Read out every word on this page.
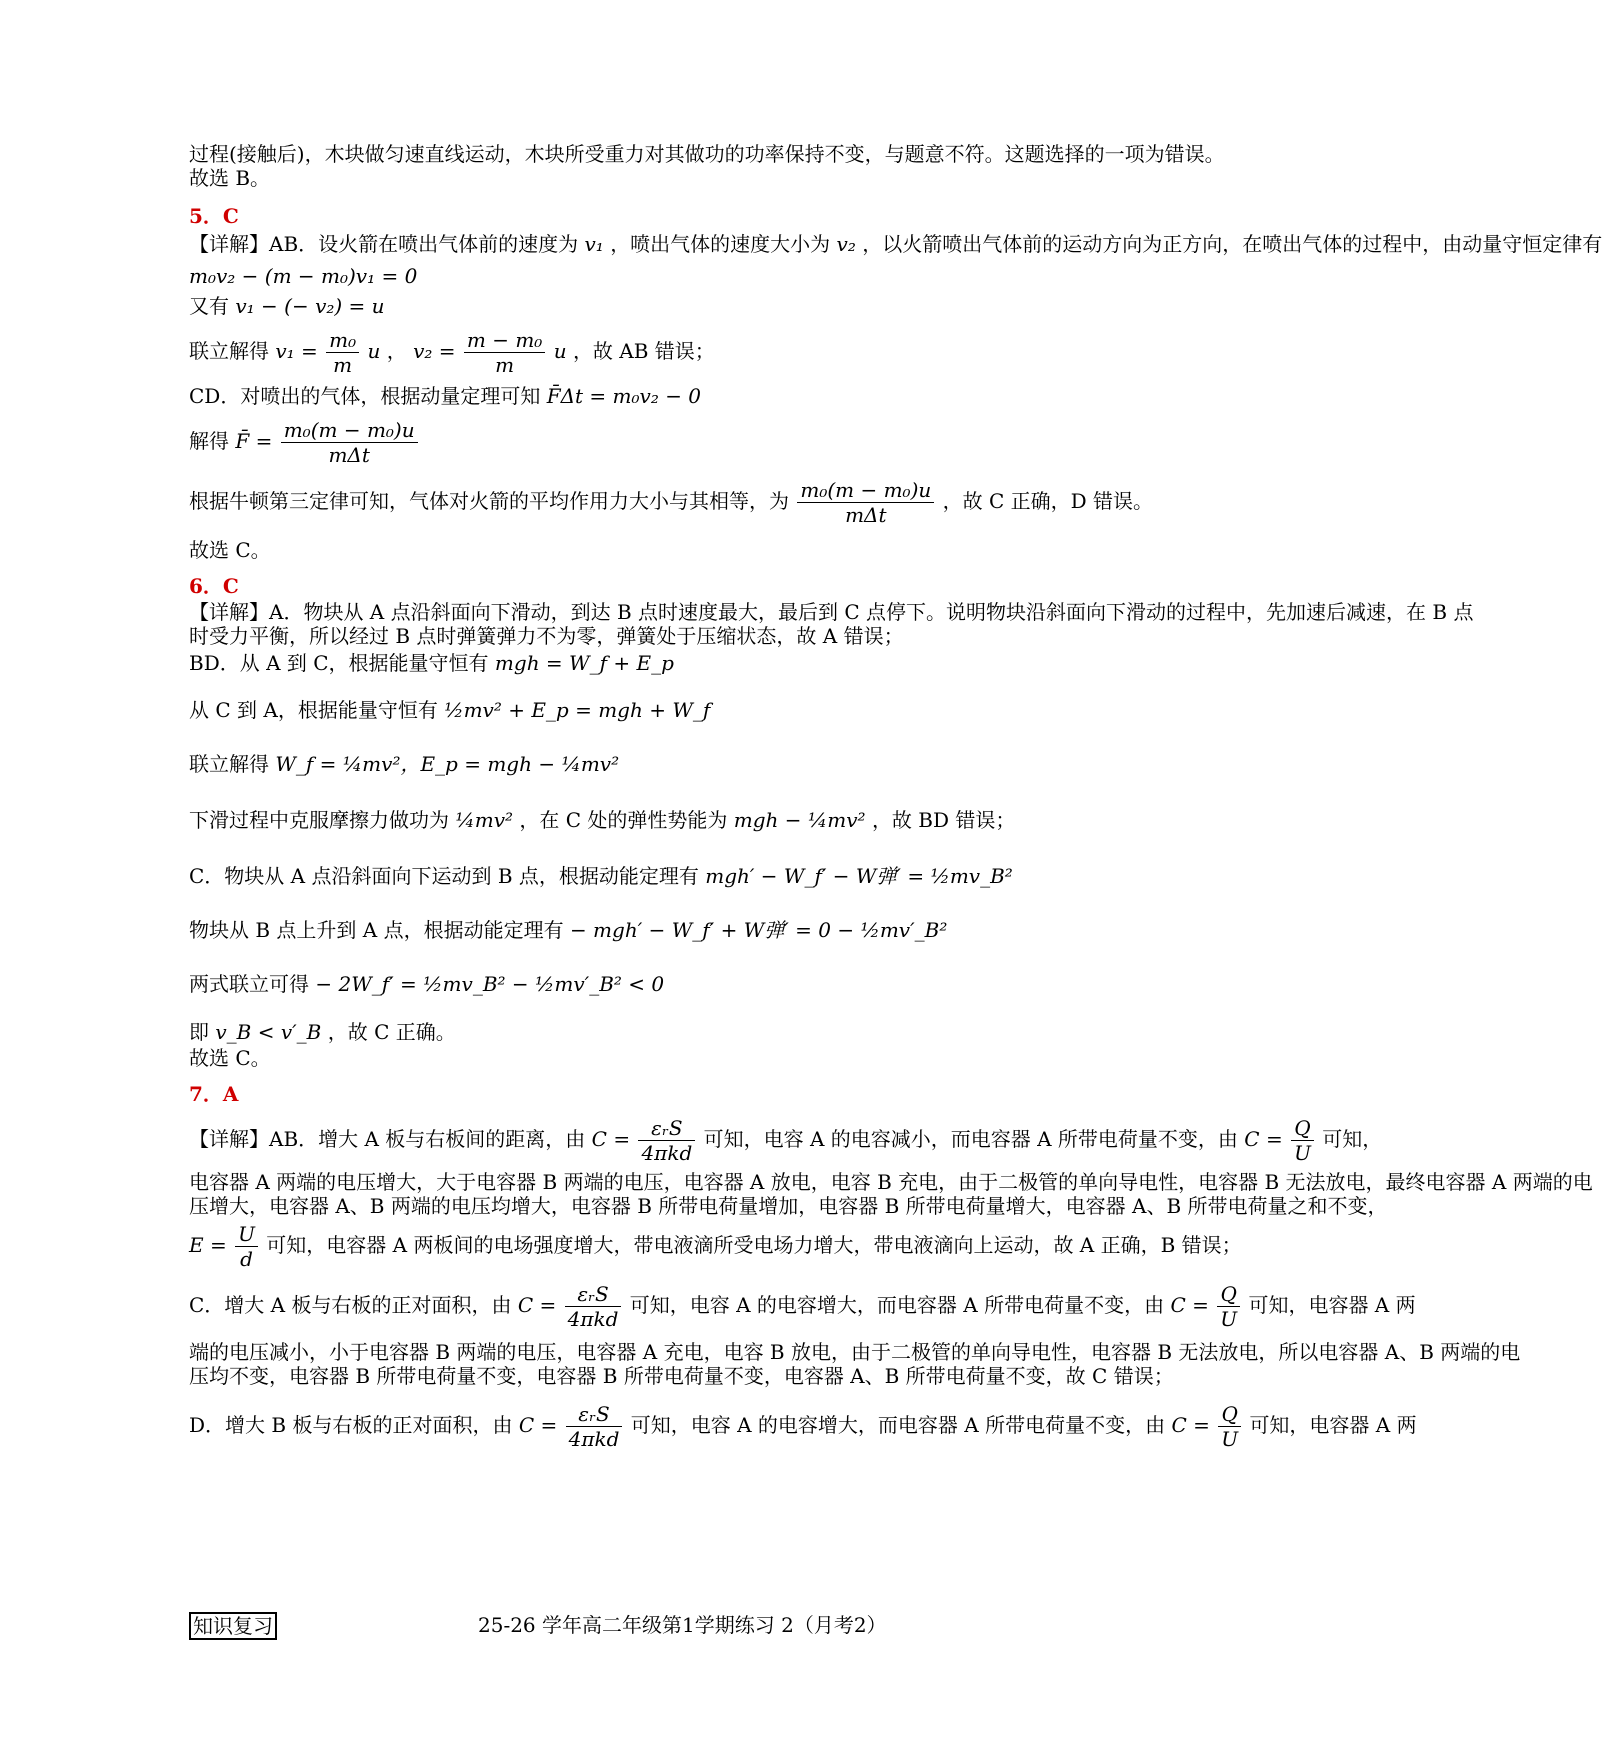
过程(接触后)，木块做匀速直线运动，木块所受重力对其做功的功率保持不变，与题意不符。这题选择的一项为错误。
故选 B。
5．C
【详解】AB．设火箭在喷出气体前的速度为 v₁ ，喷出气体的速度大小为 v₂ ，以火箭喷出气体前的运动方向为正方向，在喷出气体的过程中，由动量守恒定律有
m₀v₂ − (m − m₀)v₁ = 0
又有 v₁ − (− v₂) = u
联立解得 $v_1 = \frac{\text{m₀}}{m}$ u ， $v_2 = \frac{\text{m − m₀}}{m}$ u ，故 AB 错误；
CD．对喷出的气体，根据动量定理可知 F̄Δt = m₀v₂ − 0
解得 F̄ = $\frac{\text{m₀(m − m₀)u}}{\text{mΔt}}$
根据牛顿第三定律可知，气体对火箭的平均作用力大小与其相等，为 $\frac{\text{m₀(m − m₀)u}}{\text{mΔt}}$ ，故 C 正确，D 错误。
故选 C。
6．C
【详解】A．物块从 A 点沿斜面向下滑动，到达 B 点时速度最大，最后到 C 点停下。说明物块沿斜面向下滑动的过程中，先加速后减速，在 B 点
时受力平衡，所以经过 B 点时弹簧弹力不为零，弹簧处于压缩状态，故 A 错误；
BD．从 A 到 C，根据能量守恒有 mgh = W_f + E_p
从 C 到 A，根据能量守恒有 ½mv² + E_p = mgh + W_f
联立解得 W_f = ¼mv²，E_p = mgh − ¼mv²
下滑过程中克服摩擦力做功为 ¼mv² ，在 C 处的弹性势能为 mgh − ¼mv² ，故 BD 错误；
C．物块从 A 点沿斜面向下运动到 B 点，根据动能定理有 mgh′ − W_f′ − W弹′ = ½mv_B²
物块从 B 点上升到 A 点，根据动能定理有 − mgh′ − W_f′ + W弹′ = 0 − ½mv′_B²
两式联立可得 − 2W_f′ = ½mv_B² − ½mv′_B² < 0
即 v_B < v′_B ，故 C 正确。
故选 C。
7．A
【详解】AB．增大 A 板与右板间的距离，由 $C = \frac{\text{εᵣS}}{\text{4πkd}}$ 可知，电容 A 的电容减小，而电容器 A 所带电荷量不变，由 $C = \frac{Q}{U}$ 可知，
电容器 A 两端的电压增大，大于电容器 B 两端的电压，电容器 A 放电，电容 B 充电，由于二极管的单向导电性，电容器 B 无法放电，最终电容器 A 两端的电
压增大，电容器 A、B 两端的电压均增大，电容器 B 所带电荷量增加，电容器 B 所带电荷量增大，电容器 A、B 所带电荷量之和不变，
$E = \frac{U}{d}$ 可知，电容器 A 两板间的电场强度增大，带电液滴所受电场力增大，带电液滴向上运动，故 A 正确，B 错误；
C．增大 A 板与右板的正对面积，由 $C = \frac{\text{εᵣS}}{\text{4πkd}}$ 可知，电容 A 的电容增大，而电容器 A 所带电荷量不变，由 $C = \frac{Q}{U}$ 可知，电容器 A 两
端的电压减小，小于电容器 B 两端的电压，电容器 A 充电，电容 B 放电，由于二极管的单向导电性，电容器 B 无法放电，所以电容器 A、B 两端的电
压均不变，电容器 B 所带电荷量不变，电容器 B 所带电荷量不变，电容器 A、B 所带电荷量不变，故 C 错误；
D．增大 B 板与右板的正对面积，由 $C = \frac{\text{εᵣS}}{\text{4πkd}}$ 可知，电容 A 的电容增大，而电容器 A 所带电荷量不变，由 $C = \frac{Q}{U}$ 可知，电容器 A 两
知识复习	25-26 学年高二年级第1学期练习 2（月考2）
